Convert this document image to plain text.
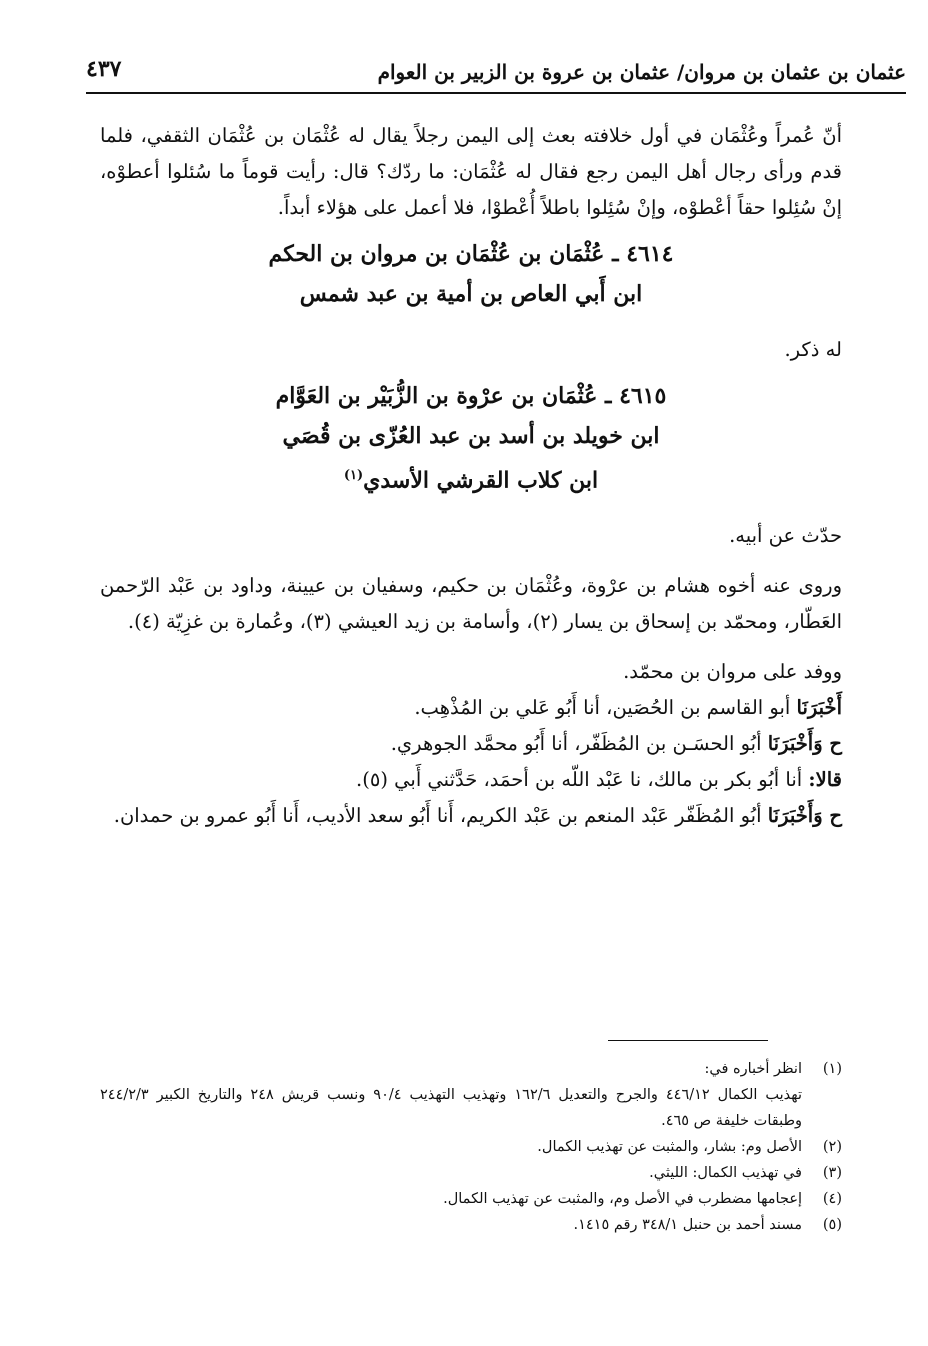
عثمان بن عثمان بن مروان/ عثمان بن عروة بن الزبير بن العوام
٤٣٧

أنّ عُمراً وعُثْمَان في أول خلافته بعث إلى اليمن رجلاً يقال له عُثْمَان بن عُثْمَان الثقفي، فلما قدم ورأى رجال أهل اليمن رجع فقال له عُثْمَان: ما ردّك؟ قال: رأيت قوماً ما سُئلوا أعطوْه، إنْ سُئِلوا حقاً أعْطوْه، وإنْ سُئِلوا باطلاً أُعْطوْا، فلا أعمل على هؤلاء أبداً.

٤٦١٤ ـ عُثْمَان بن عُثْمَان بن مروان بن الحكم
ابن أَبي العاص بن أمية بن عبد شمس

له ذكر.

٤٦١٥ ـ عُثْمَان بن عرْوة بن الزُّبَيْر بن العَوَّام
ابن خويلد بن أسد بن عبد العُزّى بن قُصَي
ابن كلاب القرشي الأسدي$^{(١)}$

حدّث عن أبيه.

وروى عنه أخوه هشام بن عرْوة، وعُثْمَان بن حكيم، وسفيان بن عيينة، وداود بن عَبْد الرّحمن العَطّار، ومحمّد بن إسحاق بن يسار (٢)، وأسامة بن زيد العيشي (٣)، وعُمارة بن غزِيّة (٤).

ووفد على مروان بن محمّد.

أَخْبَرَنَا أبو القاسم بن الحُصَين، أنا أَبُو عَلي بن المُذْهِب.

ح وَأَخْبَرَنَا أبُو الحسَـن بن المُظَفّر، أنا أَبُو محمَّد الجوهري.

قالا: أنا أبُو بكر بن مالك، نا عَبْد اللّه بن أحمَد، حَدَّثني أَبي (٥).

ح وَأَخْبَرَنَا أبُو المُظَفّر عَبْد المنعم بن عَبْد الكريم، أَنا أَبُو سعد الأديب، أَنا أَبُو عمرو بن حمدان.

(١)
انظر أخباره في:
تهذيب الكمال ٤٤٦/١٢ والجرح والتعديل ١٦٢/٦ وتهذيب التهذيب ٩٠/٤ ونسب قريش ٢٤٨ والتاريخ الكبير ٢٤٤/٢/٣ وطبقات خليفة ص ٤٦٥.
(٢)
الأصل وم: بشار، والمثبت عن تهذيب الكمال.
(٣)
في تهذيب الكمال: الليثي.
(٤)
إعجامها مضطرب في الأصل وم، والمثبت عن تهذيب الكمال.
(٥)
مسند أحمد بن حنبل ٣٤٨/١ رقم ١٤١٥.
